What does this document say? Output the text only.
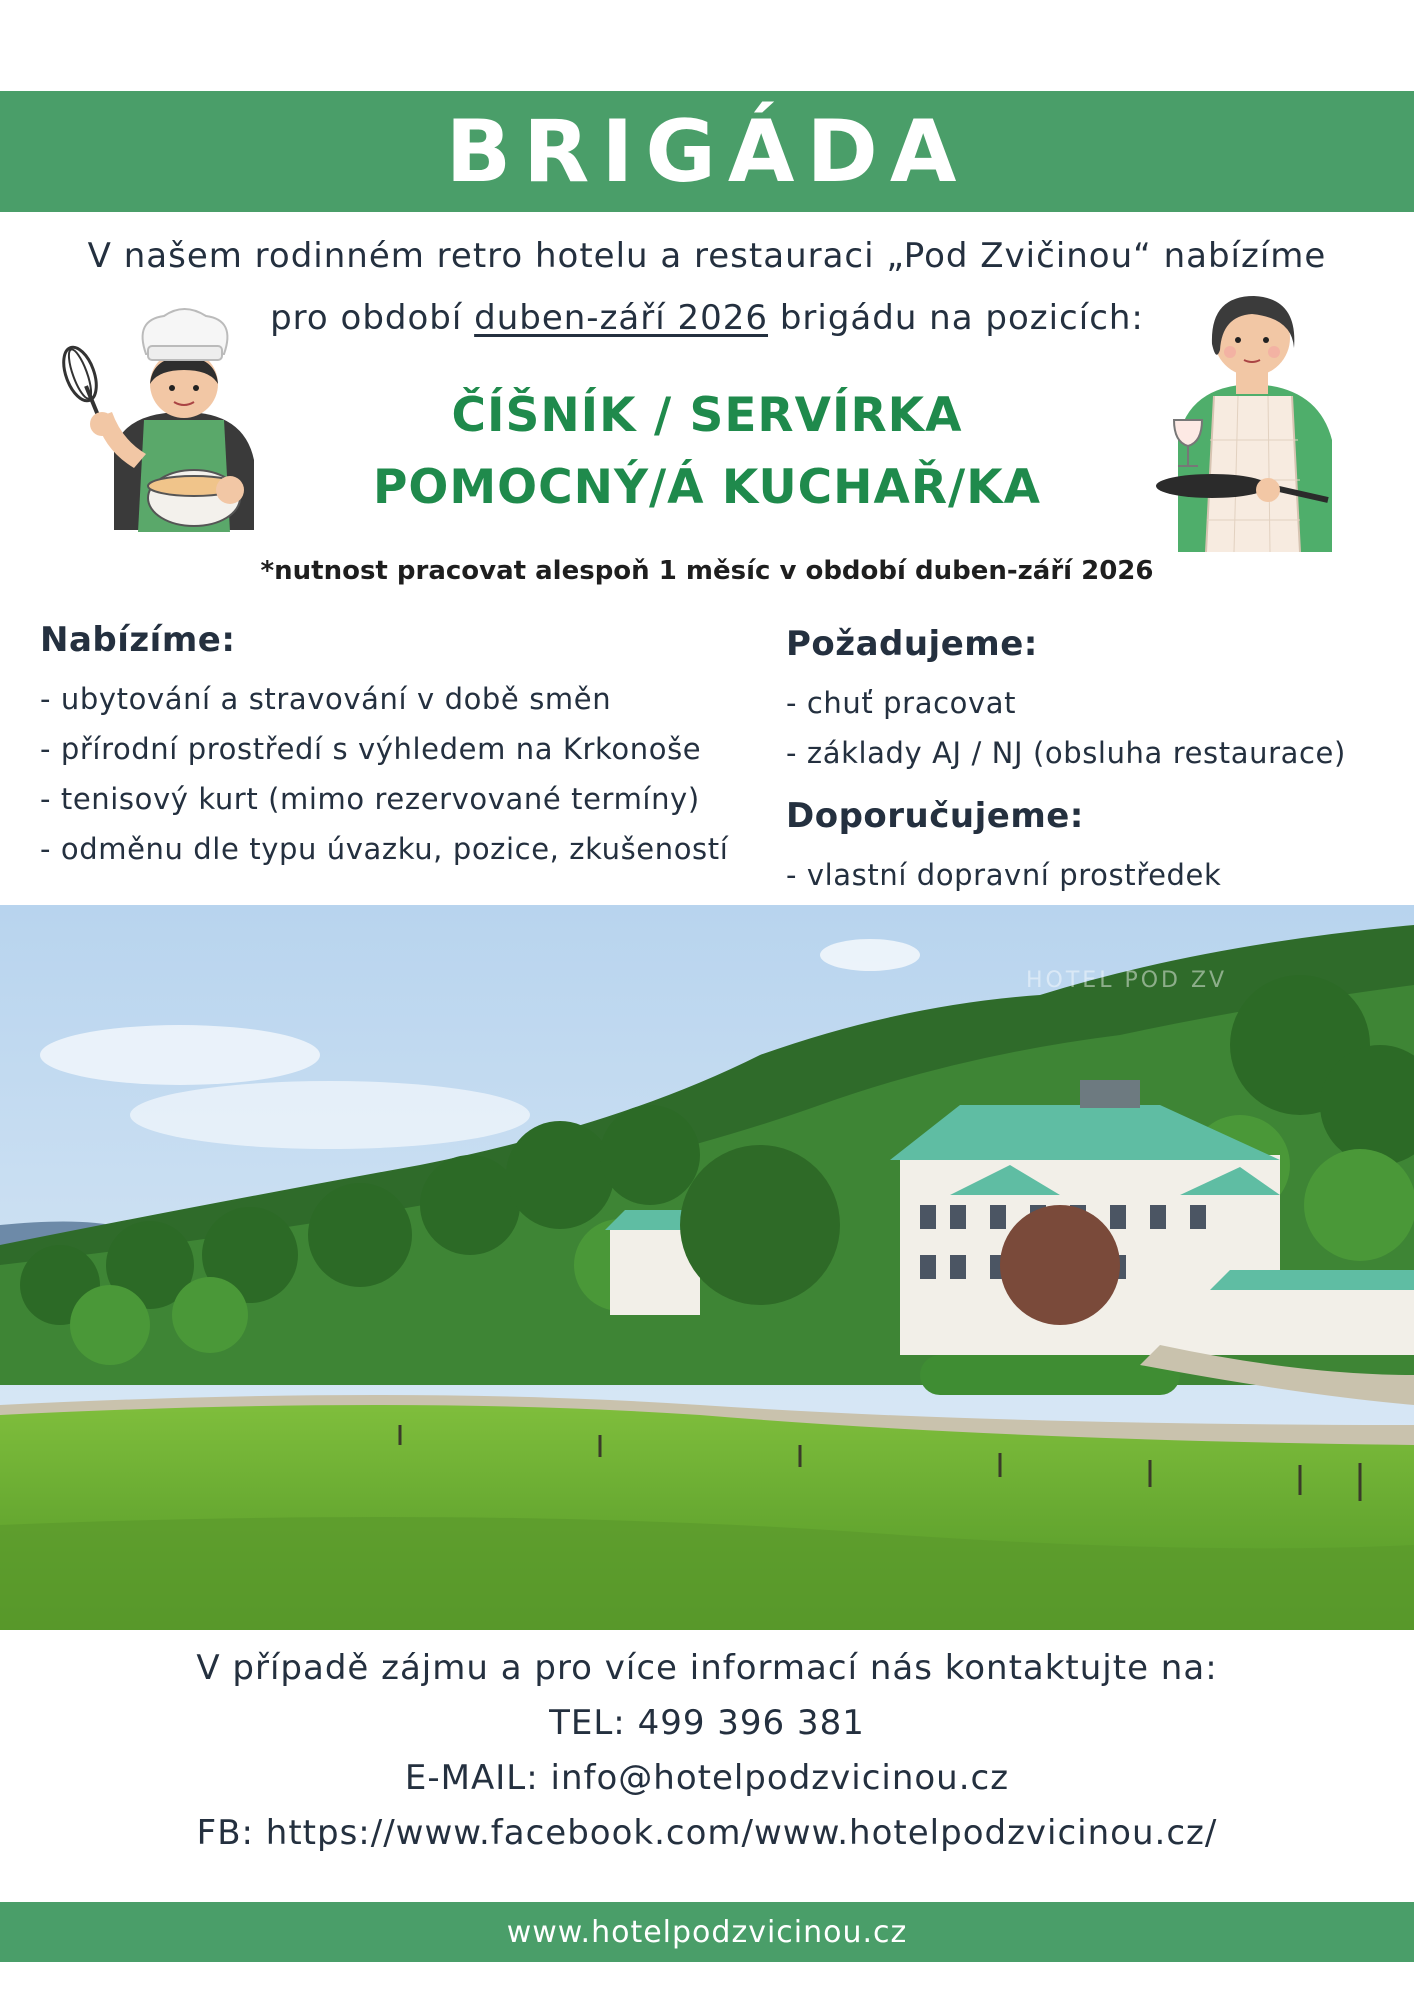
BRIGÁDA
V našem rodinném retro hotelu a restauraci „Pod Zvičinou“ nabízíme
pro období duben-září 2026 brigádu na pozicích:
ČÍŠNÍK / SERVÍRKA
POMOCNÝ/Á KUCHAŘ/KA
*nutnost pracovat alespoň 1 měsíc v období duben-září 2026
Nabízíme:
- ubytování a stravování v době směn
- přírodní prostředí s výhledem na Krkonoše
- tenisový kurt (mimo rezervované termíny)
- odměnu dle typu úvazku, pozice, zkušeností
Požadujeme:
- chuť pracovat
- základy AJ / NJ (obsluha restaurace)
Doporučujeme:
- vlastní dopravní prostředek
HOTEL POD ZV
V případě zájmu a pro více informací nás kontaktujte na:
TEL: 499 396 381
E-MAIL: info@hotelpodzvicinou.cz
FB: https://www.facebook.com/www.hotelpodzvicinou.cz/
www.hotelpodzvicinou.cz
